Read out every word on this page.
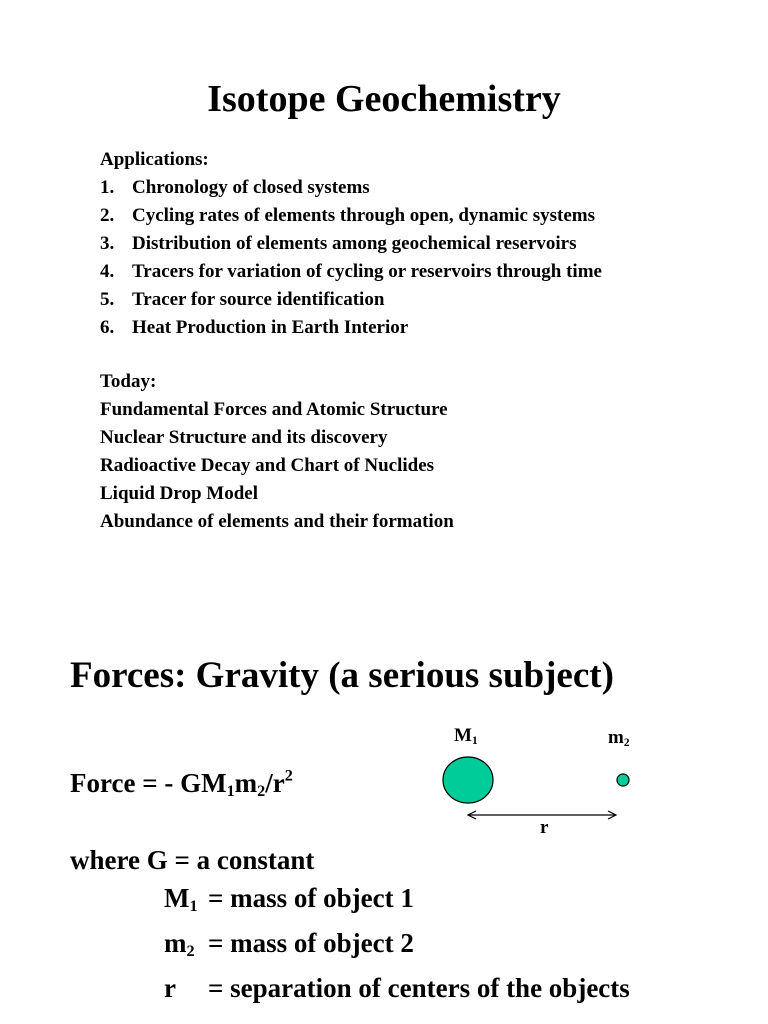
Isotope Geochemistry
Applications:
1. Chronology of closed systems
2. Cycling rates of elements through open, dynamic systems
3. Distribution of elements among geochemical reservoirs
4. Tracers for variation of cycling or reservoirs through time
5. Tracer for source identification
6. Heat Production in Earth Interior
Today:
Fundamental Forces and Atomic Structure
Nuclear Structure and its discovery
Radioactive Decay and Chart of Nuclides
Liquid Drop Model
Abundance of elements and their formation
Forces: Gravity (a serious subject)
Force = - $GM_1m_2/r^2$
where G = a constant
$M_1$ = mass of object 1
$m_2$ = mass of object 2
r = separation of centers of the objects
$M_1$	$m_2$
r
